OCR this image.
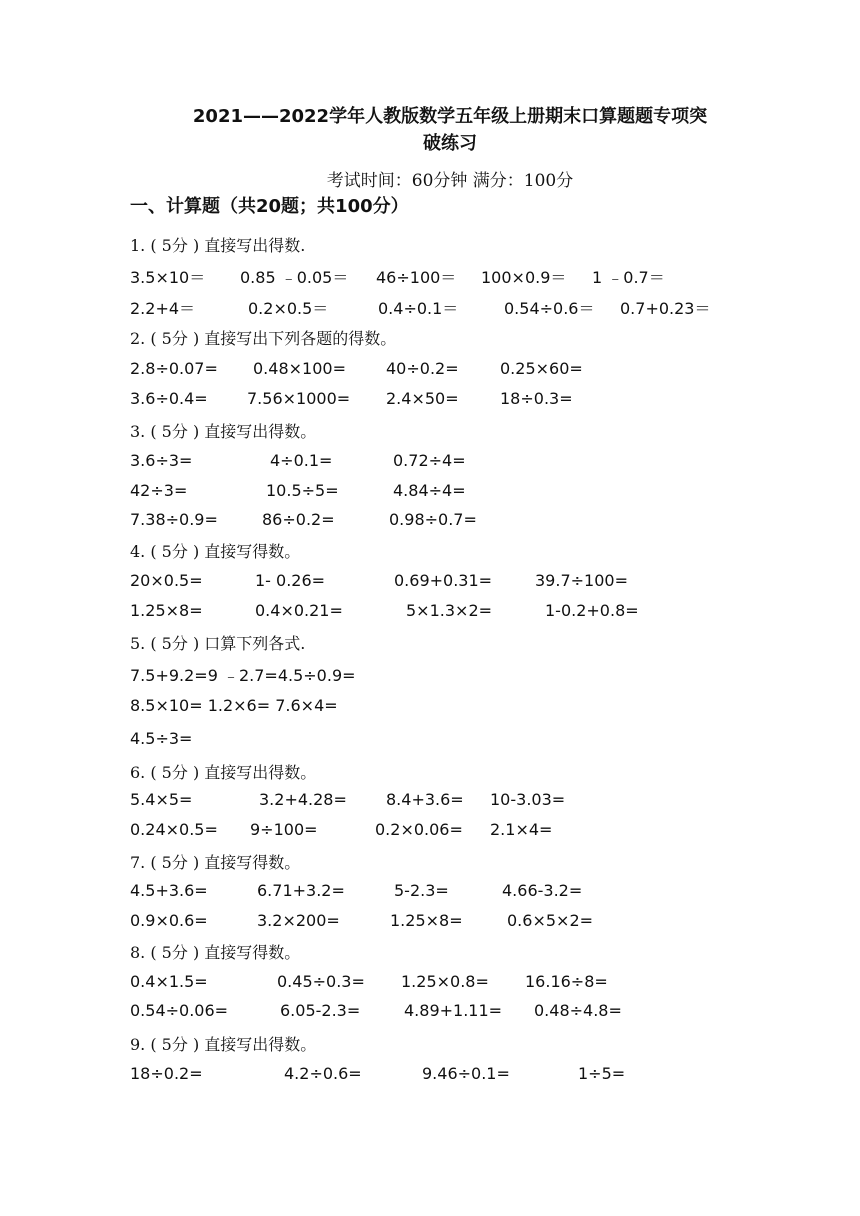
2021——2022学年人教版数学五年级上册期末口算题题专项突
破练习
考试时间：60分钟 满分：100分
一、计算题（共20题；共100分）
1. ( 5分 ) 直接写出得数.
3.5×10＝ 0.85 ﹣0.05＝ 46÷100＝ 100×0.9＝ 1 ﹣0.7＝
2.2+4＝	0.2×0.5＝	0.4÷0.1＝	0.54÷0.6＝ 0.7+0.23＝
2. ( 5分 ) 直接写出下列各题的得数。
2.8÷0.07= 0.48×100=	40÷0.2=	0.25×60=
3.6÷0.4= 7.56×1000= 2.4×50=	18÷0.3=
3. ( 5分 ) 直接写出得数。
3.6÷3=	4÷0.1=	0.72÷4=
42÷3=	10.5÷5=	4.84÷4=
7.38÷0.9=	86÷0.2=	0.98÷0.7=
4. ( 5分 ) 直接写得数。
20×0.5=	1- 0.26=	0.69+0.31=	39.7÷100=
1.25×8=	0.4×0.21=	5×1.3×2=	1-0.2+0.8=
5. ( 5分 ) 口算下列各式.
7.5+9.2=9 ﹣2.7=4.5÷0.9=
8.5×10= 1.2×6= 7.6×4=
4.5÷3=
6. ( 5分 ) 直接写出得数。
5.4×5=	3.2+4.28= 8.4+3.6= 10-3.03=
0.24×0.5= 9÷100=	0.2×0.06= 2.1×4=
7. ( 5分 ) 直接写得数。
4.5+3.6=	6.71+3.2=	5-2.3=	4.66-3.2=
0.9×0.6=	3.2×200=	1.25×8=	0.6×5×2=
8. ( 5分 ) 直接写得数。
0.4×1.5=	0.45÷0.3= 1.25×0.8= 16.16÷8=
0.54÷0.06=	6.05-2.3=	4.89+1.11= 0.48÷4.8=
9. ( 5分 ) 直接写出得数。
18÷0.2=	4.2÷0.6=	9.46÷0.1=	1÷5=
